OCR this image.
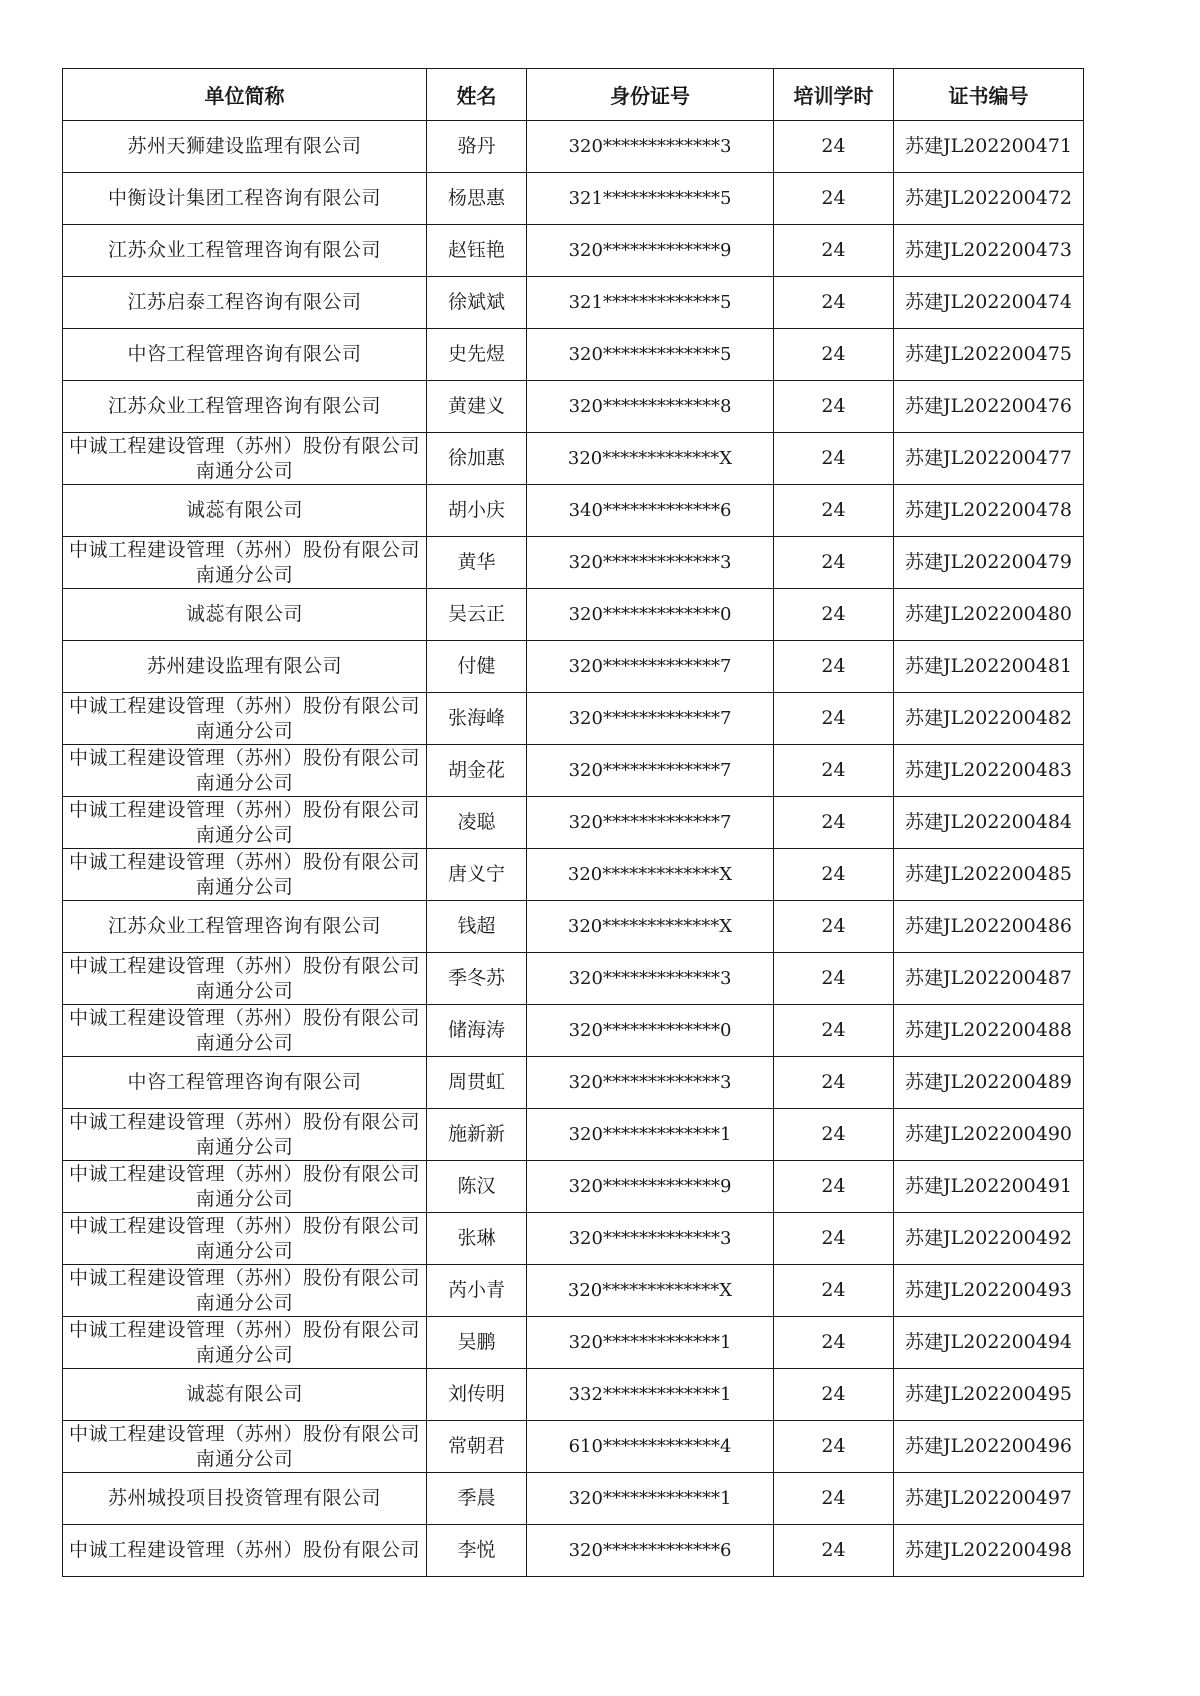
单位简称	姓名	身份证号	培训学时	证书编号
苏州天狮建设监理有限公司	骆丹	320*************3	24	苏建JL202200471
中衡设计集团工程咨询有限公司	杨思惠	321*************5	24	苏建JL202200472
江苏众业工程管理咨询有限公司	赵钰艳	320*************9	24	苏建JL202200473
江苏启泰工程咨询有限公司	徐斌斌	321*************5	24	苏建JL202200474
中咨工程管理咨询有限公司	史先煜	320*************5	24	苏建JL202200475
江苏众业工程管理咨询有限公司	黄建义	320*************8	24	苏建JL202200476
中诚工程建设管理（苏州）股份有限公司南通分公司	徐加惠	320*************X	24	苏建JL202200477
诚蕊有限公司	胡小庆	340*************6	24	苏建JL202200478
中诚工程建设管理（苏州）股份有限公司南通分公司	黄华	320*************3	24	苏建JL202200479
诚蕊有限公司	吴云正	320*************0	24	苏建JL202200480
苏州建设监理有限公司	付健	320*************7	24	苏建JL202200481
中诚工程建设管理（苏州）股份有限公司南通分公司	张海峰	320*************7	24	苏建JL202200482
中诚工程建设管理（苏州）股份有限公司南通分公司	胡金花	320*************7	24	苏建JL202200483
中诚工程建设管理（苏州）股份有限公司南通分公司	凌聪	320*************7	24	苏建JL202200484
中诚工程建设管理（苏州）股份有限公司南通分公司	唐义宁	320*************X	24	苏建JL202200485
江苏众业工程管理咨询有限公司	钱超	320*************X	24	苏建JL202200486
中诚工程建设管理（苏州）股份有限公司南通分公司	季冬苏	320*************3	24	苏建JL202200487
中诚工程建设管理（苏州）股份有限公司南通分公司	储海涛	320*************0	24	苏建JL202200488
中咨工程管理咨询有限公司	周贯虹	320*************3	24	苏建JL202200489
中诚工程建设管理（苏州）股份有限公司南通分公司	施新新	320*************1	24	苏建JL202200490
中诚工程建设管理（苏州）股份有限公司南通分公司	陈汉	320*************9	24	苏建JL202200491
中诚工程建设管理（苏州）股份有限公司南通分公司	张琳	320*************3	24	苏建JL202200492
中诚工程建设管理（苏州）股份有限公司南通分公司	芮小青	320*************X	24	苏建JL202200493
中诚工程建设管理（苏州）股份有限公司南通分公司	吴鹏	320*************1	24	苏建JL202200494
诚蕊有限公司	刘传明	332*************1	24	苏建JL202200495
中诚工程建设管理（苏州）股份有限公司南通分公司	常朝君	610*************4	24	苏建JL202200496
苏州城投项目投资管理有限公司	季晨	320*************1	24	苏建JL202200497
中诚工程建设管理（苏州）股份有限公司	李悦	320*************6	24	苏建JL202200498
